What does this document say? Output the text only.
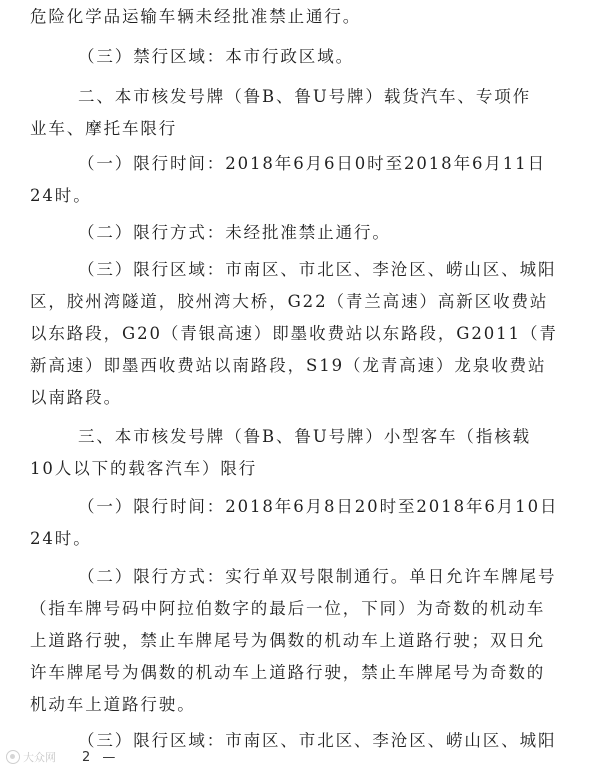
危险化学品运输车辆未经批准禁止通行。

（三）禁行区域：本市行政区域。

二、本市核发号牌（鲁B、鲁U号牌）载货汽车、专项作

业车、摩托车限行

（一）限行时间：2018年6月6日0时至2018年6月11日

24时。

（二）限行方式：未经批准禁止通行。

（三）限行区域：市南区、市北区、李沧区、崂山区、城阳

区，胶州湾隧道，胶州湾大桥，G22（青兰高速）高新区收费站

以东路段，G20（青银高速）即墨收费站以东路段，G2011（青

新高速）即墨西收费站以南路段，S19（龙青高速）龙泉收费站

以南路段。

三、本市核发号牌（鲁B、鲁U号牌）小型客车（指核载

10人以下的载客汽车）限行

（一）限行时间：2018年6月8日20时至2018年6月10日

24时。

（二）限行方式：实行单双号限制通行。单日允许车牌尾号

（指车牌号码中阿拉伯数字的最后一位，下同）为奇数的机动车

上道路行驶，禁止车牌尾号为偶数的机动车上道路行驶；双日允

许车牌尾号为偶数的机动车上道路行驶，禁止车牌尾号为奇数的

机动车上道路行驶。

（三）限行区域：市南区、市北区、李沧区、崂山区、城阳

大众网 2 —
